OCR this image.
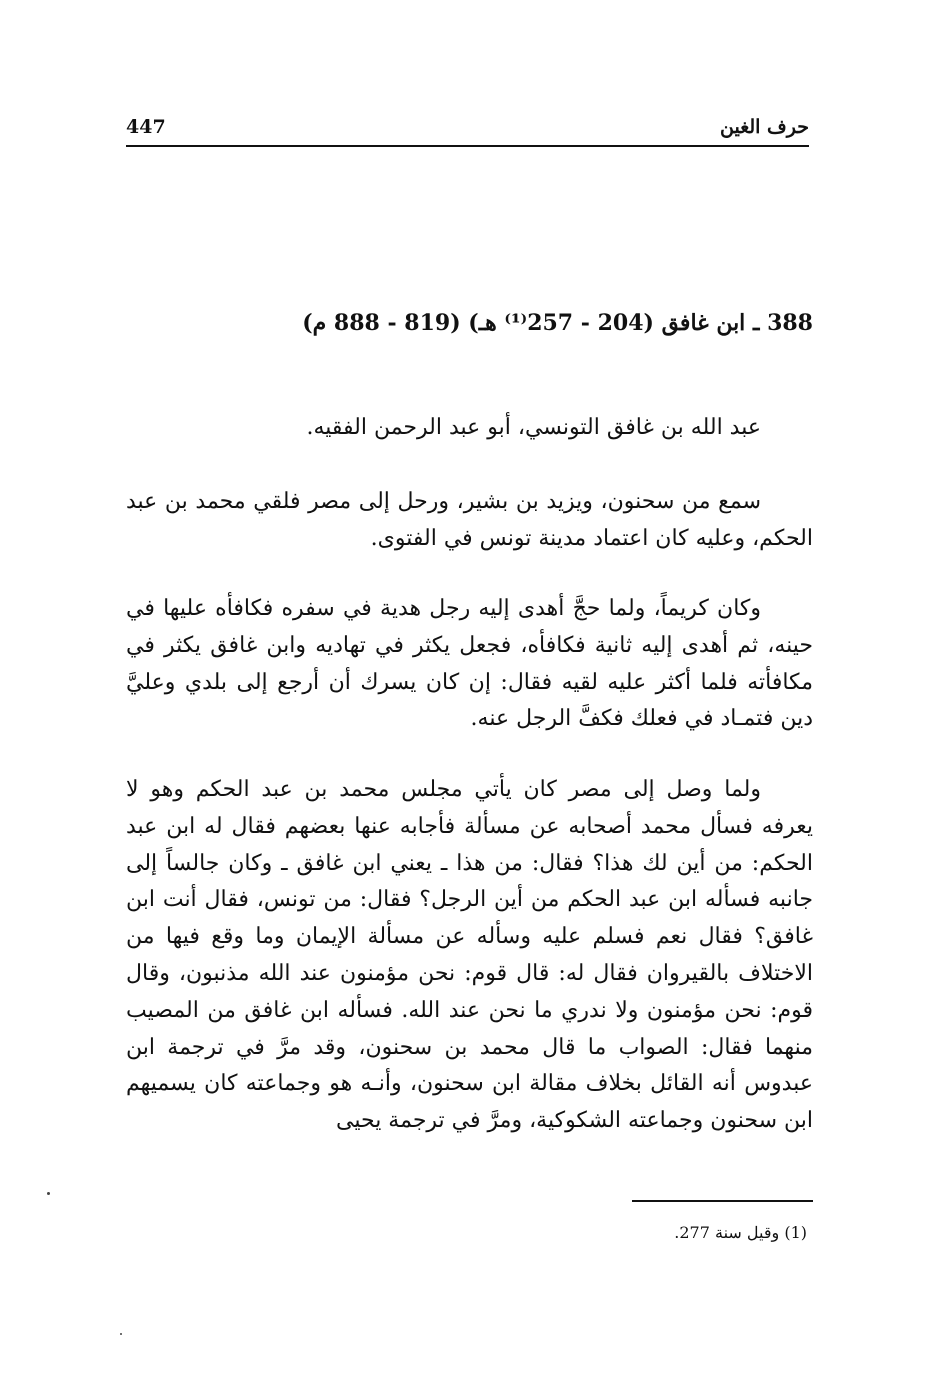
حرف الغين
447
388 ـ ابن غافق (204 - 257⁽¹⁾ هـ) (819 - 888 م)
عبد الله بن غافق التونسي، أبو عبد الرحمن الفقيه.
سمع من سحنون، ويزيد بن بشير، ورحل إلى مصر فلقي محمد بن عبد الحكم، وعليه كان اعتماد مدينة تونس في الفتوى.
وكان كريماً، ولما حجَّ أهدى إليه رجل هدية في سفره فكافأه عليها في حينه، ثم أهدى إليه ثانية فكافأه، فجعل يكثر في تهاديه وابن غافق يكثر في مكافأته فلما أكثر عليه لقيه فقال: إن كان يسرك أن أرجع إلى بلدي وعليَّ دين فتمـاد في فعلك فكفَّ الرجل عنه.
ولما وصل إلى مصر كان يأتي مجلس محمد بن عبد الحكم وهو لا يعرفه فسأل محمد أصحابه عن مسألة فأجابه عنها بعضهم فقال له ابن عبد الحكم: من أين لك هذا؟ فقال: من هذا ـ يعني ابن غافق ـ وكان جالساً إلى جانبه فسأله ابن عبد الحكم من أين الرجل؟ فقال: من تونس، فقال أنت ابن غافق؟ فقال نعم فسلم عليه وسأله عن مسألة الإيمان وما وقع فيها من الاختلاف بالقيروان فقال له: قال قوم: نحن مؤمنون عند الله مذنبون، وقال قوم: نحن مؤمنون ولا ندري ما نحن عند الله. فسأله ابن غافق من المصيب منهما فقال: الصواب ما قال محمد بن سحنون، وقد مرَّ في ترجمة ابن عبدوس أنه القائل بخلاف مقالة ابن سحنون، وأنـه هو وجماعته كان يسميهم ابن سحنون وجماعته الشكوكية، ومرَّ في ترجمة يحيى
(1) وقيل سنة 277.
